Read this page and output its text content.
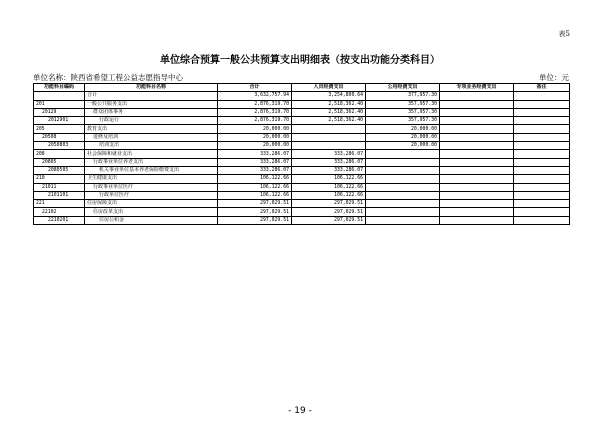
表5
单位综合预算一般公共预算支出明细表（按支出功能分类科目）
单位名称：陕西省希望工程公益志愿指导中心	单位：元
功能科目编码	功能科目名称	合计	人员经费支出	公用经费支出	专项业务经费支出	备注
	合计	3,632,757.94	3,254,800.64	377,957.30		
201	一般公共服务支出	2,876,319.70	2,518,362.40	357,957.30		
20129	群众团体事务	2,876,319.70	2,518,362.40	357,957.30		
2012901	行政运行	2,876,319.70	2,518,362.40	357,957.30		
205	教育支出	20,000.00		20,000.00		
20508	进修及培训	20,000.00		20,000.00		
2050803	培训支出	20,000.00		20,000.00		
208	社会保障和就业支出	333,286.07	333,286.07			
20805	行政事业单位养老支出	333,286.07	333,286.07			
2080505	机关事业单位基本养老保险缴费支出	333,286.07	333,286.07			
210	卫生健康支出	106,122.66	106,122.66			
21011	行政事业单位医疗	106,122.66	106,122.66			
2101101	行政单位医疗	106,122.66	106,122.66			
221	住房保障支出	297,029.51	297,029.51			
22102	住房改革支出	297,029.51	297,029.51			
2210201	住房公积金	297,029.51	297,029.51			
- 19 -
